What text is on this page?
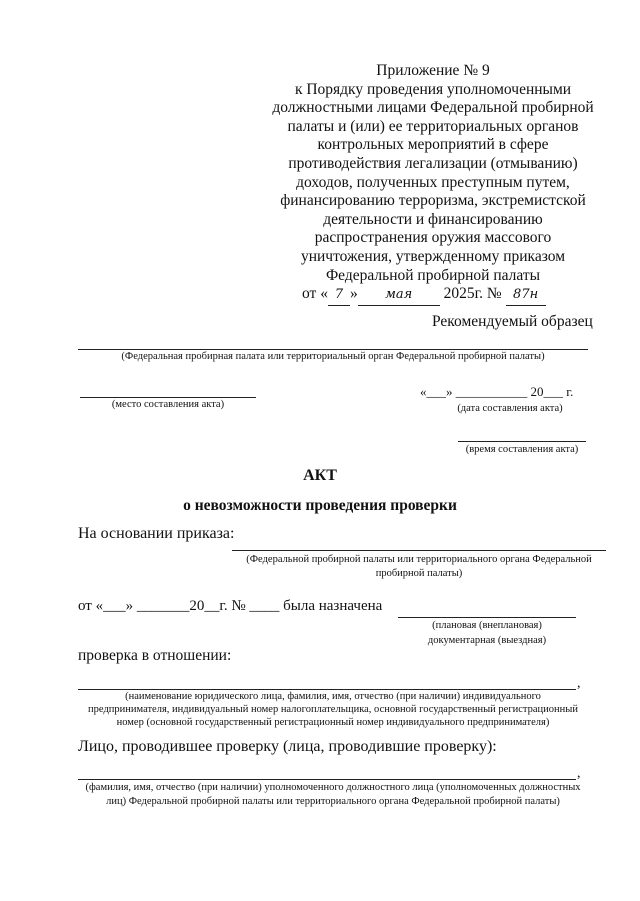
Приложение № 9
к Порядку проведения уполномоченными
должностными лицами Федеральной пробирной
палаты и (или) ее территориальных органов
контрольных мероприятий в сфере
противодействия легализации (отмыванию)
доходов, полученных преступным путем,
финансированию терроризма, экстремистской
деятельности и финансированию
распространения оружия массового
уничтожения, утвержденному приказом
Федеральной пробирной палаты
от « 7 » мая 2025г. № 87н
Рекомендуемый образец
(Федеральная пробирная палата или территориальный орган Федеральной пробирной палаты)
(место составления акта)
«___» ___________ 20___ г.
(дата составления акта)
(время составления акта)
АКТ
о невозможности проведения проверки
На основании приказа:
(Федеральной пробирной палаты или территориального органа Федеральной
пробирной палаты)
от «___» _______20__г. № ____ была назначена
(плановая (внеплановая)
документарная (выездная)
проверка в отношении:
,
(наименование юридического лица, фамилия, имя, отчество (при наличии) индивидуального
предпринимателя, индивидуальный номер налогоплательщика, основной государственный регистрационный
номер (основной государственный регистрационный номер индивидуального предпринимателя)
Лицо, проводившее проверку (лица, проводившие проверку):
,
(фамилия, имя, отчество (при наличии) уполномоченного должностного лица (уполномоченных должностных
лиц) Федеральной пробирной палаты или территориального органа Федеральной пробирной палаты)
